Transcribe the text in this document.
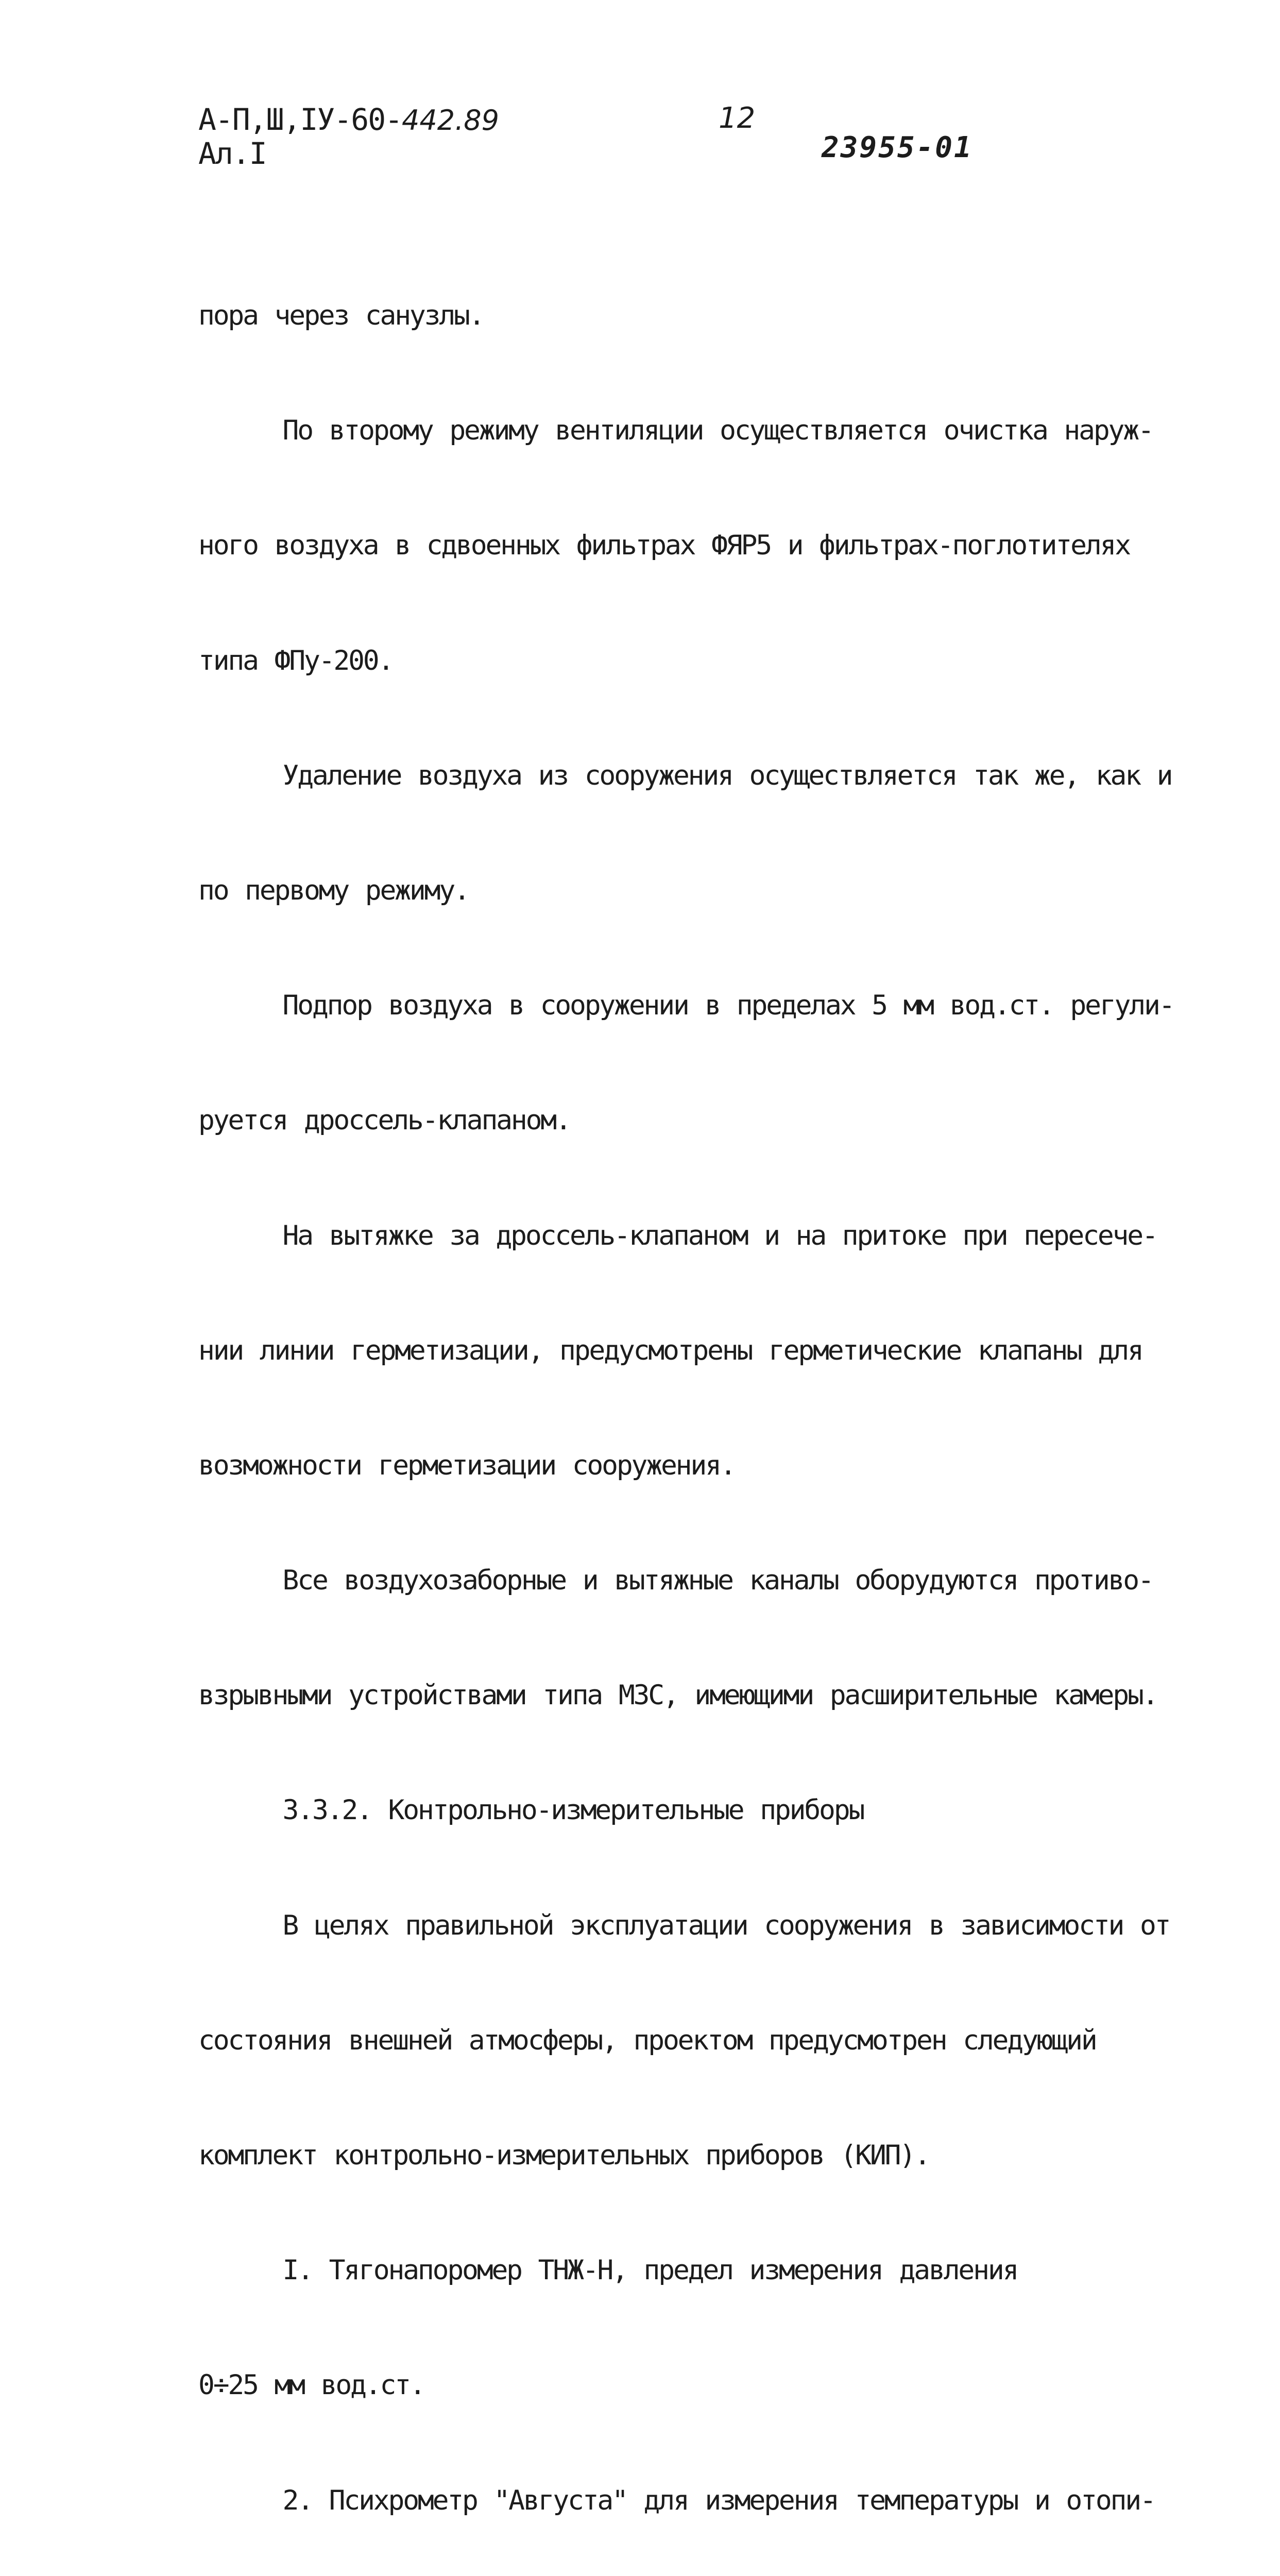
А-П,Ш,IУ-60-442.89
Ал.I
12
23955-01

пора через санузлы.

По второму режиму вентиляции осуществляется очистка наруж-

ного воздуха в сдвоенных фильтрах ФЯР5 и фильтрах-поглотителях

типа ФПу-200.

Удаление воздуха из сооружения осуществляется так же, как и

по первому режиму.

Подпор воздуха в сооружении в пределах 5 мм вод.ст. регули-

руется дроссель-клапаном.

На вытяжке за дроссель-клапаном и на притоке при пересече-

нии линии герметизации, предусмотрены герметические клапаны для

возможности герметизации сооружения.

Все воздухозаборные и вытяжные каналы оборудуются противо-

взрывными устройствами типа МЗС, имеющими расширительные камеры.

3.3.2. Контрольно-измерительные приборы

В целях правильной эксплуатации сооружения в зависимости от

состояния внешней атмосферы, проектом предусмотрен следующий

комплект контрольно-измерительных приборов (КИП).

I. Тягонапоромер ТНЖ-Н, предел измерения давления

0÷25 мм вод.ст.

2. Психрометр "Августа" для измерения температуры и отопи-
